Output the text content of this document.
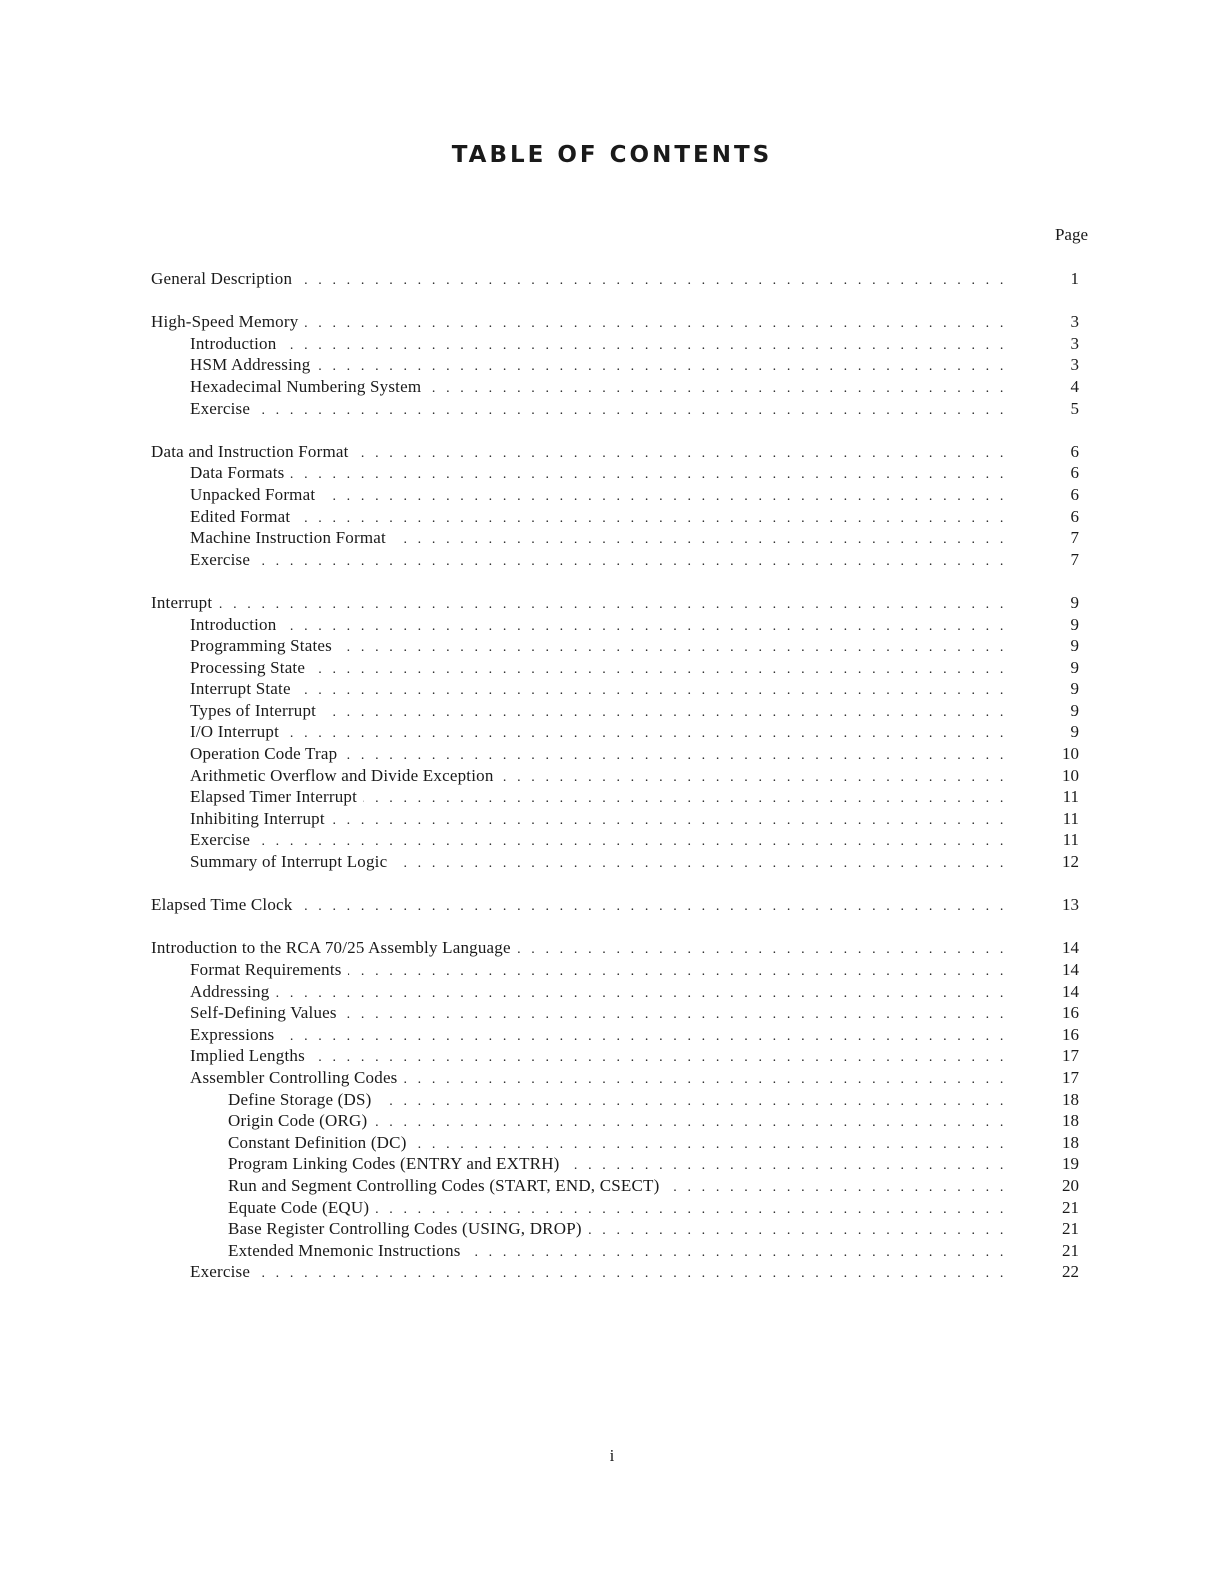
TABLE OF CONTENTS
Page
General Description . . .	1
High-Speed Memory . . .	3
Introduction . . .	3
HSM Addressing . . .	3
Hexadecimal Numbering System . . .	4
Exercise . . .	5
Data and Instruction Format . . .	6
Data Formats . . .	6
Unpacked Format . . .	6
Edited Format . . .	6
Machine Instruction Format . . .	7
Exercise . . .	7
Interrupt . . .	9
Introduction . . .	9
Programming States . . .	9
Processing State . . .	9
Interrupt State . . .	9
Types of Interrupt . . .	9
I/O Interrupt . . .	9
Operation Code Trap . . .	10
Arithmetic Overflow and Divide Exception . . .	10
Elapsed Timer Interrupt . . .	11
Inhibiting Interrupt . . .	11
Exercise . . .	11
Summary of Interrupt Logic . . .	12
Elapsed Time Clock . . .	13
Introduction to the RCA 70/25 Assembly Language . . .	14
Format Requirements . . .	14
Addressing . . .	14
Self-Defining Values . . .	16
Expressions . . .	16
Implied Lengths . . .	17
Assembler Controlling Codes . . .	17
Define Storage (DS) . . .	18
Origin Code (ORG) . . .	18
Constant Definition (DC) . . .	18
Program Linking Codes (ENTRY and EXTRH) . . .	19
Run and Segment Controlling Codes (START, END, CSECT) . . .	20
Equate Code (EQU) . . .	21
Base Register Controlling Codes (USING, DROP) . . .	21
Extended Mnemonic Instructions . . .	21
Exercise . . .	22
i
